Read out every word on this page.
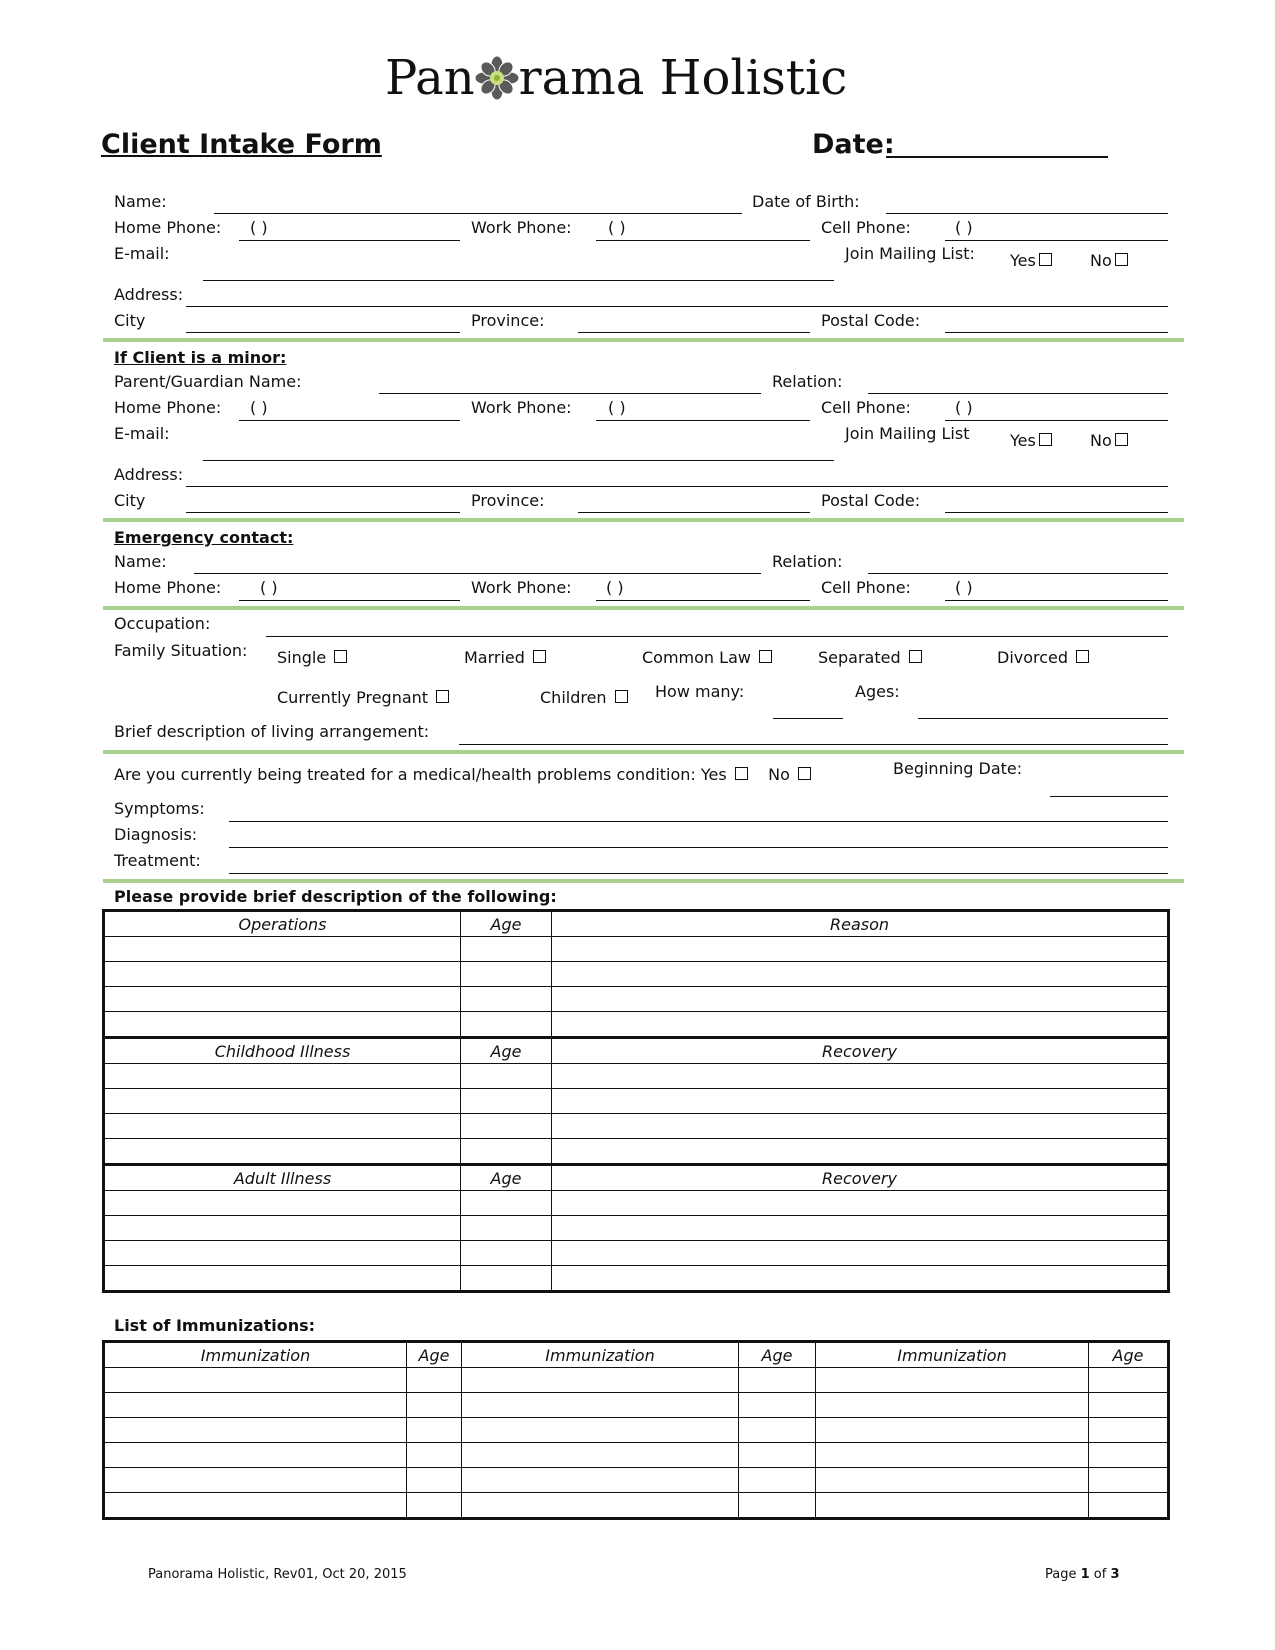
Pan rama Holistic
Client Intake Form	Date:
Name:	Date of Birth:
Home Phone: ( )	Work Phone: ( )	Cell Phone:	( )
E-mail:	Join Mailing List: Yes	No
Address:
City	Province:	Postal Code:
If Client is a minor:
Parent/Guardian Name:	Relation:
Home Phone: ( )	Work Phone: ( )	Cell Phone:	( )
E-mail:	Join Mailing List	Yes	No
Address:
City	Province:	Postal Code:
Emergency contact:
Name:	Relation:
Home Phone: ( )	Work Phone: ( )	Cell Phone:	( )
Occupation:
Family Situation: Single	Married	Common Law	Separated	Divorced
Currently Pregnant	Children	How many:	Ages:
Brief description of living arrangement:
Are you currently being treated for a medical/health problems condition: Yes	No	Beginning Date:
Symptoms:
Diagnosis:
Treatment:
Please provide brief description of the following:
Operations	Age	Reason

Childhood Illness	Age	Recovery

Adult Illness	Age	Recovery

List of Immunizations:
Immunization	Age	Immunization	Age	Immunization	Age

Panorama Holistic, Rev01, Oct 20, 2015	Page 1 of 3
